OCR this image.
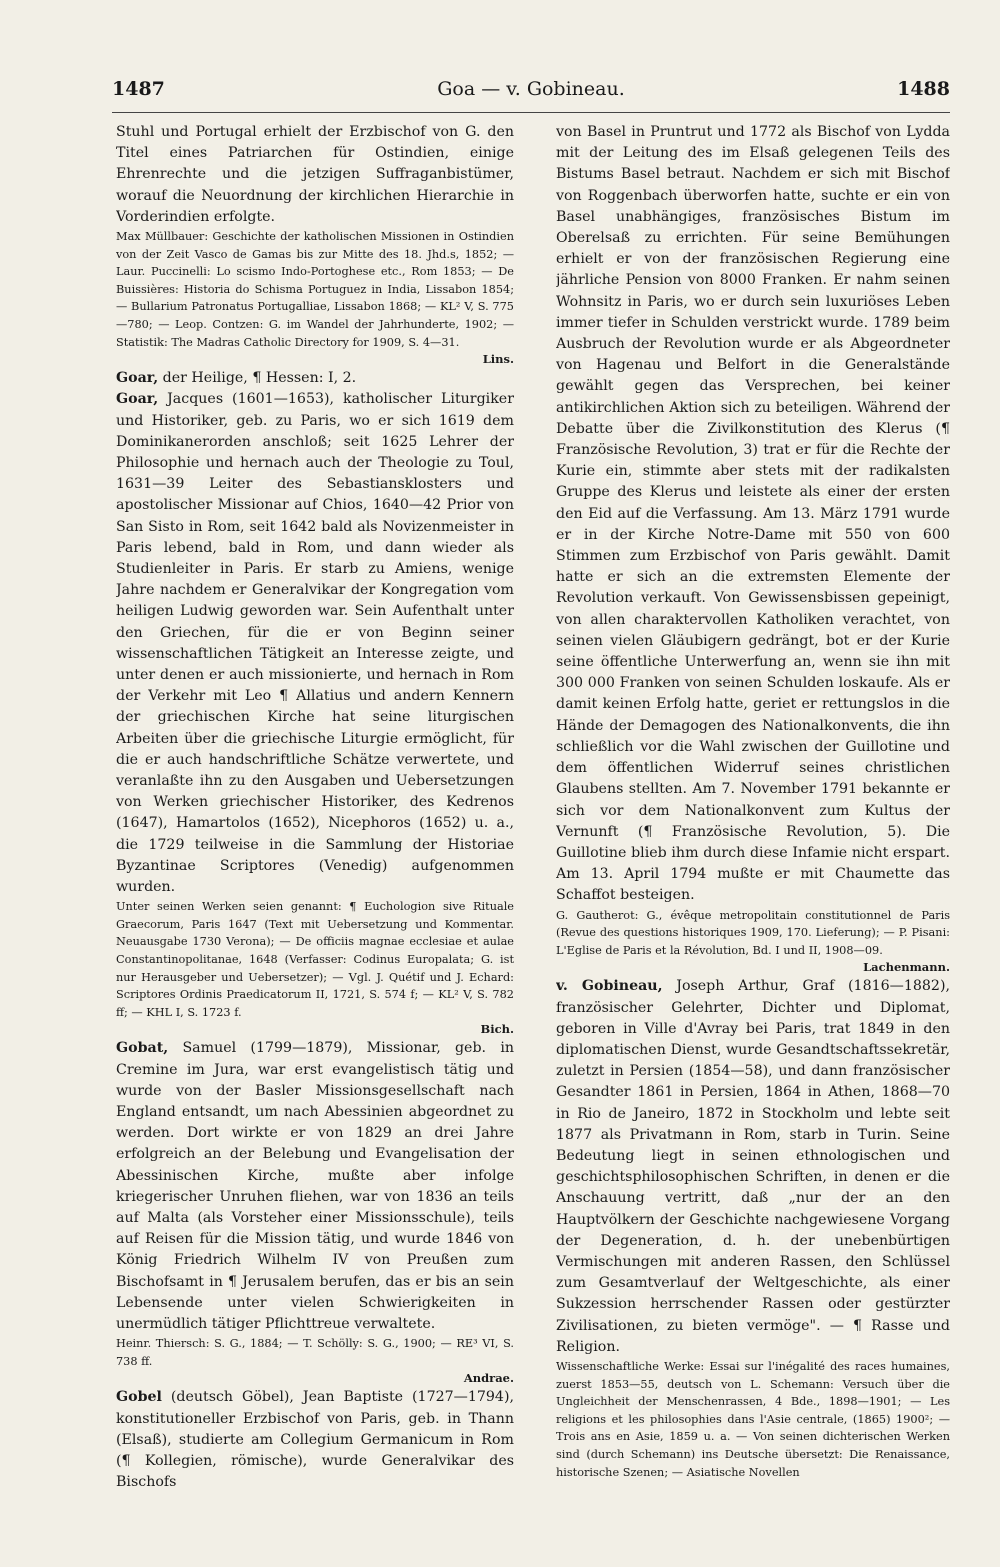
1487	Goa — v. Gobineau.	1488

Stuhl und Portugal erhielt der Erzbischof von G. den Titel eines Patriarchen für Ostindien, einige Ehrenrechte und die jetzigen Suffraganbistümer, worauf die Neuordnung der kirchlichen Hierarchie in Vorderindien erfolgte.

Max Müllbauer: Geschichte der katholischen Missionen in Ostindien von der Zeit Vasco de Gamas bis zur Mitte des 18. Jhd.s, 1852; — Laur. Puccinelli: Lo scismo Indo-Portoghese etc., Rom 1853; — De Buissières: Historia do Schisma Portuguez in India, Lissabon 1854; — Bullarium Patronatus Portugalliae, Lissabon 1868; — KL² V, S. 775—780; — Leop. Contzen: G. im Wandel der Jahrhunderte, 1902; — Statistik: The Madras Catholic Directory for 1909, S. 4—31.

Lins.

Goar, der Heilige, ¶ Hessen: I, 2.

Goar, Jacques (1601—1653), katholischer Liturgiker und Historiker, geb. zu Paris, wo er sich 1619 dem Dominikanerorden anschloß; seit 1625 Lehrer der Philosophie und hernach auch der Theologie zu Toul, 1631—39 Leiter des Sebastiansklosters und apostolischer Missionar auf Chios, 1640—42 Prior von San Sisto in Rom, seit 1642 bald als Novizenmeister in Paris lebend, bald in Rom, und dann wieder als Studienleiter in Paris. Er starb zu Amiens, wenige Jahre nachdem er Generalvikar der Kongregation vom heiligen Ludwig geworden war. Sein Aufenthalt unter den Griechen, für die er von Beginn seiner wissenschaftlichen Tätigkeit an Interesse zeigte, und unter denen er auch missionierte, und hernach in Rom der Verkehr mit Leo ¶ Allatius und andern Kennern der griechischen Kirche hat seine liturgischen Arbeiten über die griechische Liturgie ermöglicht, für die er auch handschriftliche Schätze verwertete, und veranlaßte ihn zu den Ausgaben und Uebersetzungen von Werken griechischer Historiker, des Kedrenos (1647), Hamartolos (1652), Nicephoros (1652) u. a., die 1729 teilweise in die Sammlung der Historiae Byzantinae Scriptores (Venedig) aufgenommen wurden.

Unter seinen Werken seien genannt: ¶ Euchologion sive Rituale Graecorum, Paris 1647 (Text mit Uebersetzung und Kommentar. Neuausgabe 1730 Verona); — De officiis magnae ecclesiae et aulae Constantinopolitanae, 1648 (Verfasser: Codinus Europalata; G. ist nur Herausgeber und Uebersetzer); — Vgl. J. Quétif und J. Echard: Scriptores Ordinis Praedicatorum II, 1721, S. 574 f; — KL² V, S. 782 ff; — KHL I, S. 1723 f.

Bich.

Gobat, Samuel (1799—1879), Missionar, geb. in Cremine im Jura, war erst evangelistisch tätig und wurde von der Basler Missionsgesellschaft nach England entsandt, um nach Abessinien abgeordnet zu werden. Dort wirkte er von 1829 an drei Jahre erfolgreich an der Belebung und Evangelisation der Abessinischen Kirche, mußte aber infolge kriegerischer Unruhen fliehen, war von 1836 an teils auf Malta (als Vorsteher einer Missionsschule), teils auf Reisen für die Mission tätig, und wurde 1846 von König Friedrich Wilhelm IV von Preußen zum Bischofsamt in ¶ Jerusalem berufen, das er bis an sein Lebensende unter vielen Schwierigkeiten in unermüdlich tätiger Pflichttreue verwaltete.

Heinr. Thiersch: S. G., 1884; — T. Schölly: S. G., 1900; — RE³ VI, S. 738 ff.

Andrae.

Gobel (deutsch Göbel), Jean Baptiste (1727—1794), konstitutioneller Erzbischof von Paris, geb. in Thann (Elsaß), studierte am Collegium Germanicum in Rom (¶ Kollegien, römische), wurde Generalvikar des Bischofs

von Basel in Pruntrut und 1772 als Bischof von Lydda mit der Leitung des im Elsaß gelegenen Teils des Bistums Basel betraut. Nachdem er sich mit Bischof von Roggenbach überworfen hatte, suchte er ein von Basel unabhängiges, französisches Bistum im Oberelsaß zu errichten. Für seine Bemühungen erhielt er von der französischen Regierung eine jährliche Pension von 8000 Franken. Er nahm seinen Wohnsitz in Paris, wo er durch sein luxuriöses Leben immer tiefer in Schulden verstrickt wurde. 1789 beim Ausbruch der Revolution wurde er als Abgeordneter von Hagenau und Belfort in die Generalstände gewählt gegen das Versprechen, bei keiner antikirchlichen Aktion sich zu beteiligen. Während der Debatte über die Zivilkonstitution des Klerus (¶ Französische Revolution, 3) trat er für die Rechte der Kurie ein, stimmte aber stets mit der radikalsten Gruppe des Klerus und leistete als einer der ersten den Eid auf die Verfassung. Am 13. März 1791 wurde er in der Kirche Notre-Dame mit 550 von 600 Stimmen zum Erzbischof von Paris gewählt. Damit hatte er sich an die extremsten Elemente der Revolution verkauft. Von Gewissensbissen gepeinigt, von allen charaktervollen Katholiken verachtet, von seinen vielen Gläubigern gedrängt, bot er der Kurie seine öffentliche Unterwerfung an, wenn sie ihn mit 300 000 Franken von seinen Schulden loskaufe. Als er damit keinen Erfolg hatte, geriet er rettungslos in die Hände der Demagogen des Nationalkonvents, die ihn schließlich vor die Wahl zwischen der Guillotine und dem öffentlichen Widerruf seines christlichen Glaubens stellten. Am 7. November 1791 bekannte er sich vor dem Nationalkonvent zum Kultus der Vernunft (¶ Französische Revolution, 5). Die Guillotine blieb ihm durch diese Infamie nicht erspart. Am 13. April 1794 mußte er mit Chaumette das Schaffot besteigen.

G. Gautherot: G., évêque metropolitain constitutionnel de Paris (Revue des questions historiques 1909, 170. Lieferung); — P. Pisani: L'Eglise de Paris et la Révolution, Bd. I und II, 1908—09.

Lachenmann.

v. Gobineau, Joseph Arthur, Graf (1816—1882), französischer Gelehrter, Dichter und Diplomat, geboren in Ville d'Avray bei Paris, trat 1849 in den diplomatischen Dienst, wurde Gesandtschaftssekretär, zuletzt in Persien (1854—58), und dann französischer Gesandter 1861 in Persien, 1864 in Athen, 1868—70 in Rio de Janeiro, 1872 in Stockholm und lebte seit 1877 als Privatmann in Rom, starb in Turin. Seine Bedeutung liegt in seinen ethnologischen und geschichtsphilosophischen Schriften, in denen er die Anschauung vertritt, daß „nur der an den Hauptvölkern der Geschichte nachgewiesene Vorgang der Degeneration, d. h. der unebenbürtigen Vermischungen mit anderen Rassen, den Schlüssel zum Gesamtverlauf der Weltgeschichte, als einer Sukzession herrschender Rassen oder gestürzter Zivilisationen, zu bieten vermöge". — ¶ Rasse und Religion.

Wissenschaftliche Werke: Essai sur l'inégalité des races humaines, zuerst 1853—55, deutsch von L. Schemann: Versuch über die Ungleichheit der Menschenrassen, 4 Bde., 1898—1901; — Les religions et les philosophies dans l'Asie centrale, (1865) 1900²; — Trois ans en Asie, 1859 u. a. — Von seinen dichterischen Werken sind (durch Schemann) ins Deutsche übersetzt: Die Renaissance, historische Szenen; — Asiatische Novellen
